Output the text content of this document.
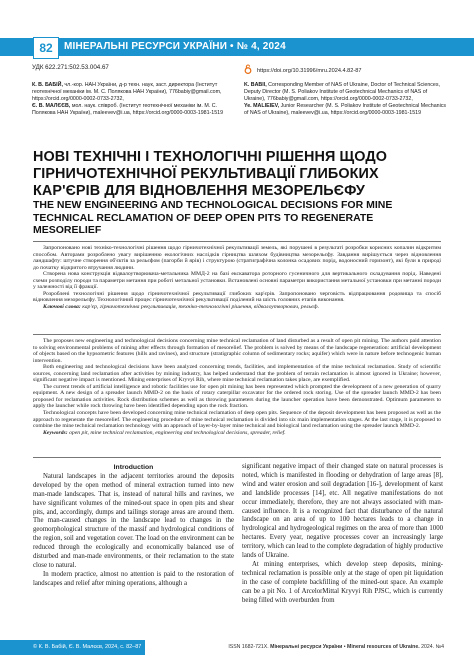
82	МІНЕРАЛЬНІ РЕСУРСИ УКРАЇНИ • № 4, 2024
УДК 622.271:502.53.004.67	https://doi.org/10.31996/mru.2024.4.82-87
К. В. БАБІЙ, чл.-кор. НАН України, д-р техн. наук, заст. директора (Інститут геотехнічної механіки ім. М. С. Полякова НАН України), 776babiy@gmail.com, https://orcid.org/0000-0002-0733-2732,
Є. В. МАЛЄЄВ, мол. наук. співроб. (Інститут геотехнічної механіки ім. М. С. Полякова НАН України), maleevev@i.ua, https://orcid.org/0000-0003-1981-1519
K. BABII, Corresponding Member of NAS of Ukraine, Doctor of Technical Sciences, Deputy Director (M. S. Poliakov Institute of Geotechnical Mechanics of NAS of Ukraine), 776babiy@gmail.com, https://orcid.org/0000-0002-0733-2732,
Ye. MALIEIEV, Junior Researcher (M. S. Poliakov Institute of Geotechnical Mechanics of NAS of Ukraine), maleevev@i.ua, https://orcid.org/0000-0003-1981-1519
НОВІ ТЕХНІЧНІ І ТЕХНОЛОГІЧНІ РІШЕННЯ ЩОДО ГІРНИЧОТЕХНІЧНОЇ РЕКУЛЬТИВАЦІЇ ГЛИБОКИХ КАР'ЄРІВ ДЛЯ ВІДНОВЛЕННЯ МЕЗОРЕЛЬЄФУ
THE NEW ENGINEERING AND TECHNOLOGICAL DECISIONS FOR MINE TECHNICAL RECLAMATION OF DEEP OPEN PITS TO REGENERATE MESORELIEF

Запропоновано нові техніко-технологічні рішення щодо гірничотехнічної рекультивації земель, які порушені в результаті розробки корисних копалин відкритим способом. Авторами розроблено увагу вирішенню екологічних наслідків гірництва шляхом будівництва мезорельєфу. Завдання вирішується через відновлення ландшафту: штучне створення об'єктів за рельєфом (пагорби й ярів) і структурою (стратиграфічна колонка осадових порід, водоносний горизонт), які були в природі до початку відкритого втручання людини.

Створена нова конструкція відвалоутворювача-метальника ММД-2 на базі екскаватора роторного гусеничного для вертикального складування порід. Наведені схеми розподілу породи та параметри метання при роботі метальної установки. Встановлені основні параметри використання метальної установки при метанні породи у залежності від її фракції.

Розроблені технологічні рішення щодо гірничотехнічної рекультивації глибоких кар'єрів. Запропоновано черговість відпрацювання родовища та спосіб відновлення мезорельєфу. Технологічний процес гірничотехнічної рекультивації поділений на шість головних етапів виконання.

Ключові слова: кар'єр, гірничотехнічна рекультивація, техніко-технологічні рішення, відвалоутворювач, рельєф.

The proposes new engineering and technological decisions concerning mine technical reclamation of land disturbed as a result of open pit mining. The authors paid attention to solving environmental problems of mining after effects through formation of mesorelief. The problem is solved by means of the landscape regeneration: artificial development of objects based on the hypsometric features (hills and ravines), and structure (stratigraphic column of sedimentary rocks; aquifer) which were in nature before technogenic human intervention.

Both engineering and technological decisions have been analyzed concerning trends, facilities, and implementation of the mine technical reclamation. Study of scientific sources, concerning land reclamation after activities by mining industry, has helped understand that the problem of terrain reclamation is almost ignored in Ukraine; however, significant negative impact is mentioned. Mining enterprises of Kryvyi Rih, where mine technical reclamation takes place, are exemplified.

The current trends of artificial intelligence and robotic facilities use for open pit mining has been represented which prompted the development of a new generation of quarry equipment. A new design of a spreader launch MMD-2 on the basis of rotary caterpillar excavator for the ordered rock storing. Use of the spreader launch MMD-2 has been proposed for reclamation activities. Rock distribution schemes as well as throwing parameters during the launcher operation have been demonstrated. Optimum parameters to apply the launcher while rock throwing have been identified depending upon the rock fraction.

Technological concepts have been developed concerning mine technical reclamation of deep open pits. Sequence of the deposit development has been proposed as well as the approach to regenerate the mesorelief. The engineering procedure of mine technical reclamation is divided into six main implementation stages. At the last stage, it is proposed to combine the mine technical reclamation technology with an approach of layer-by-layer mine technical and biological land reclamation using the spreader launch MMD-2.

Keywords: open pit, mine technical reclamation, engineering and technological decisions, spreader, relief.

Introduction

Natural landscapes in the adjacent territories around the deposits developed by the open method of mineral extraction turned into new man-made landscapes. That is, instead of natural hills and ravines, we have significant volumes of the mined-out space in open pits and shear pits, and, accordingly, dumps and tailings storage areas are around them. The man-caused changes in the landscape lead to changes in the geomorphological structure of the massif and hydrological conditions of the region, soil and vegetation cover. The load on the environment can be reduced through the ecologically and economically balanced use of disturbed and man-made environments, or their reclamation to the state close to natural.

In modern practice, almost no attention is paid to the restoration of landscapes and relief after mining operations, although a

significant negative impact of their changed state on natural processes is noted, which is manifested in flooding or dehydration of large areas [8], wind and water erosion and soil degradation [16-], development of karst and landslide processes [14], etc. All negative manifestations do not occur immediately, therefore, they are not always associated with man-caused influence. It is a recognized fact that disturbance of the natural landscape on an area of up to 100 hectares leads to a change in hydrological and hydrogeological regimes on the area of more than 1000 hectares. Every year, negative processes cover an increasingly large territory, which can lead to the complete degradation of highly productive lands of Ukraine.

At mining enterprises, which develop steep deposits, mining-technical reclamation is possible only at the stage of open pit liquidation in the case of complete backfilling of the mined-out space. An example can be a pit No. 1 of ArcelorMittal Kryvyi Rih PJSC, which is currently being filled with overburden from

© К. В. Бабій, Є. В. Малєєв, 2024, с. 82–87	ISSN 1682-721X. Мінеральні ресурси України • Mineral resources of Ukraine. 2024. №4
